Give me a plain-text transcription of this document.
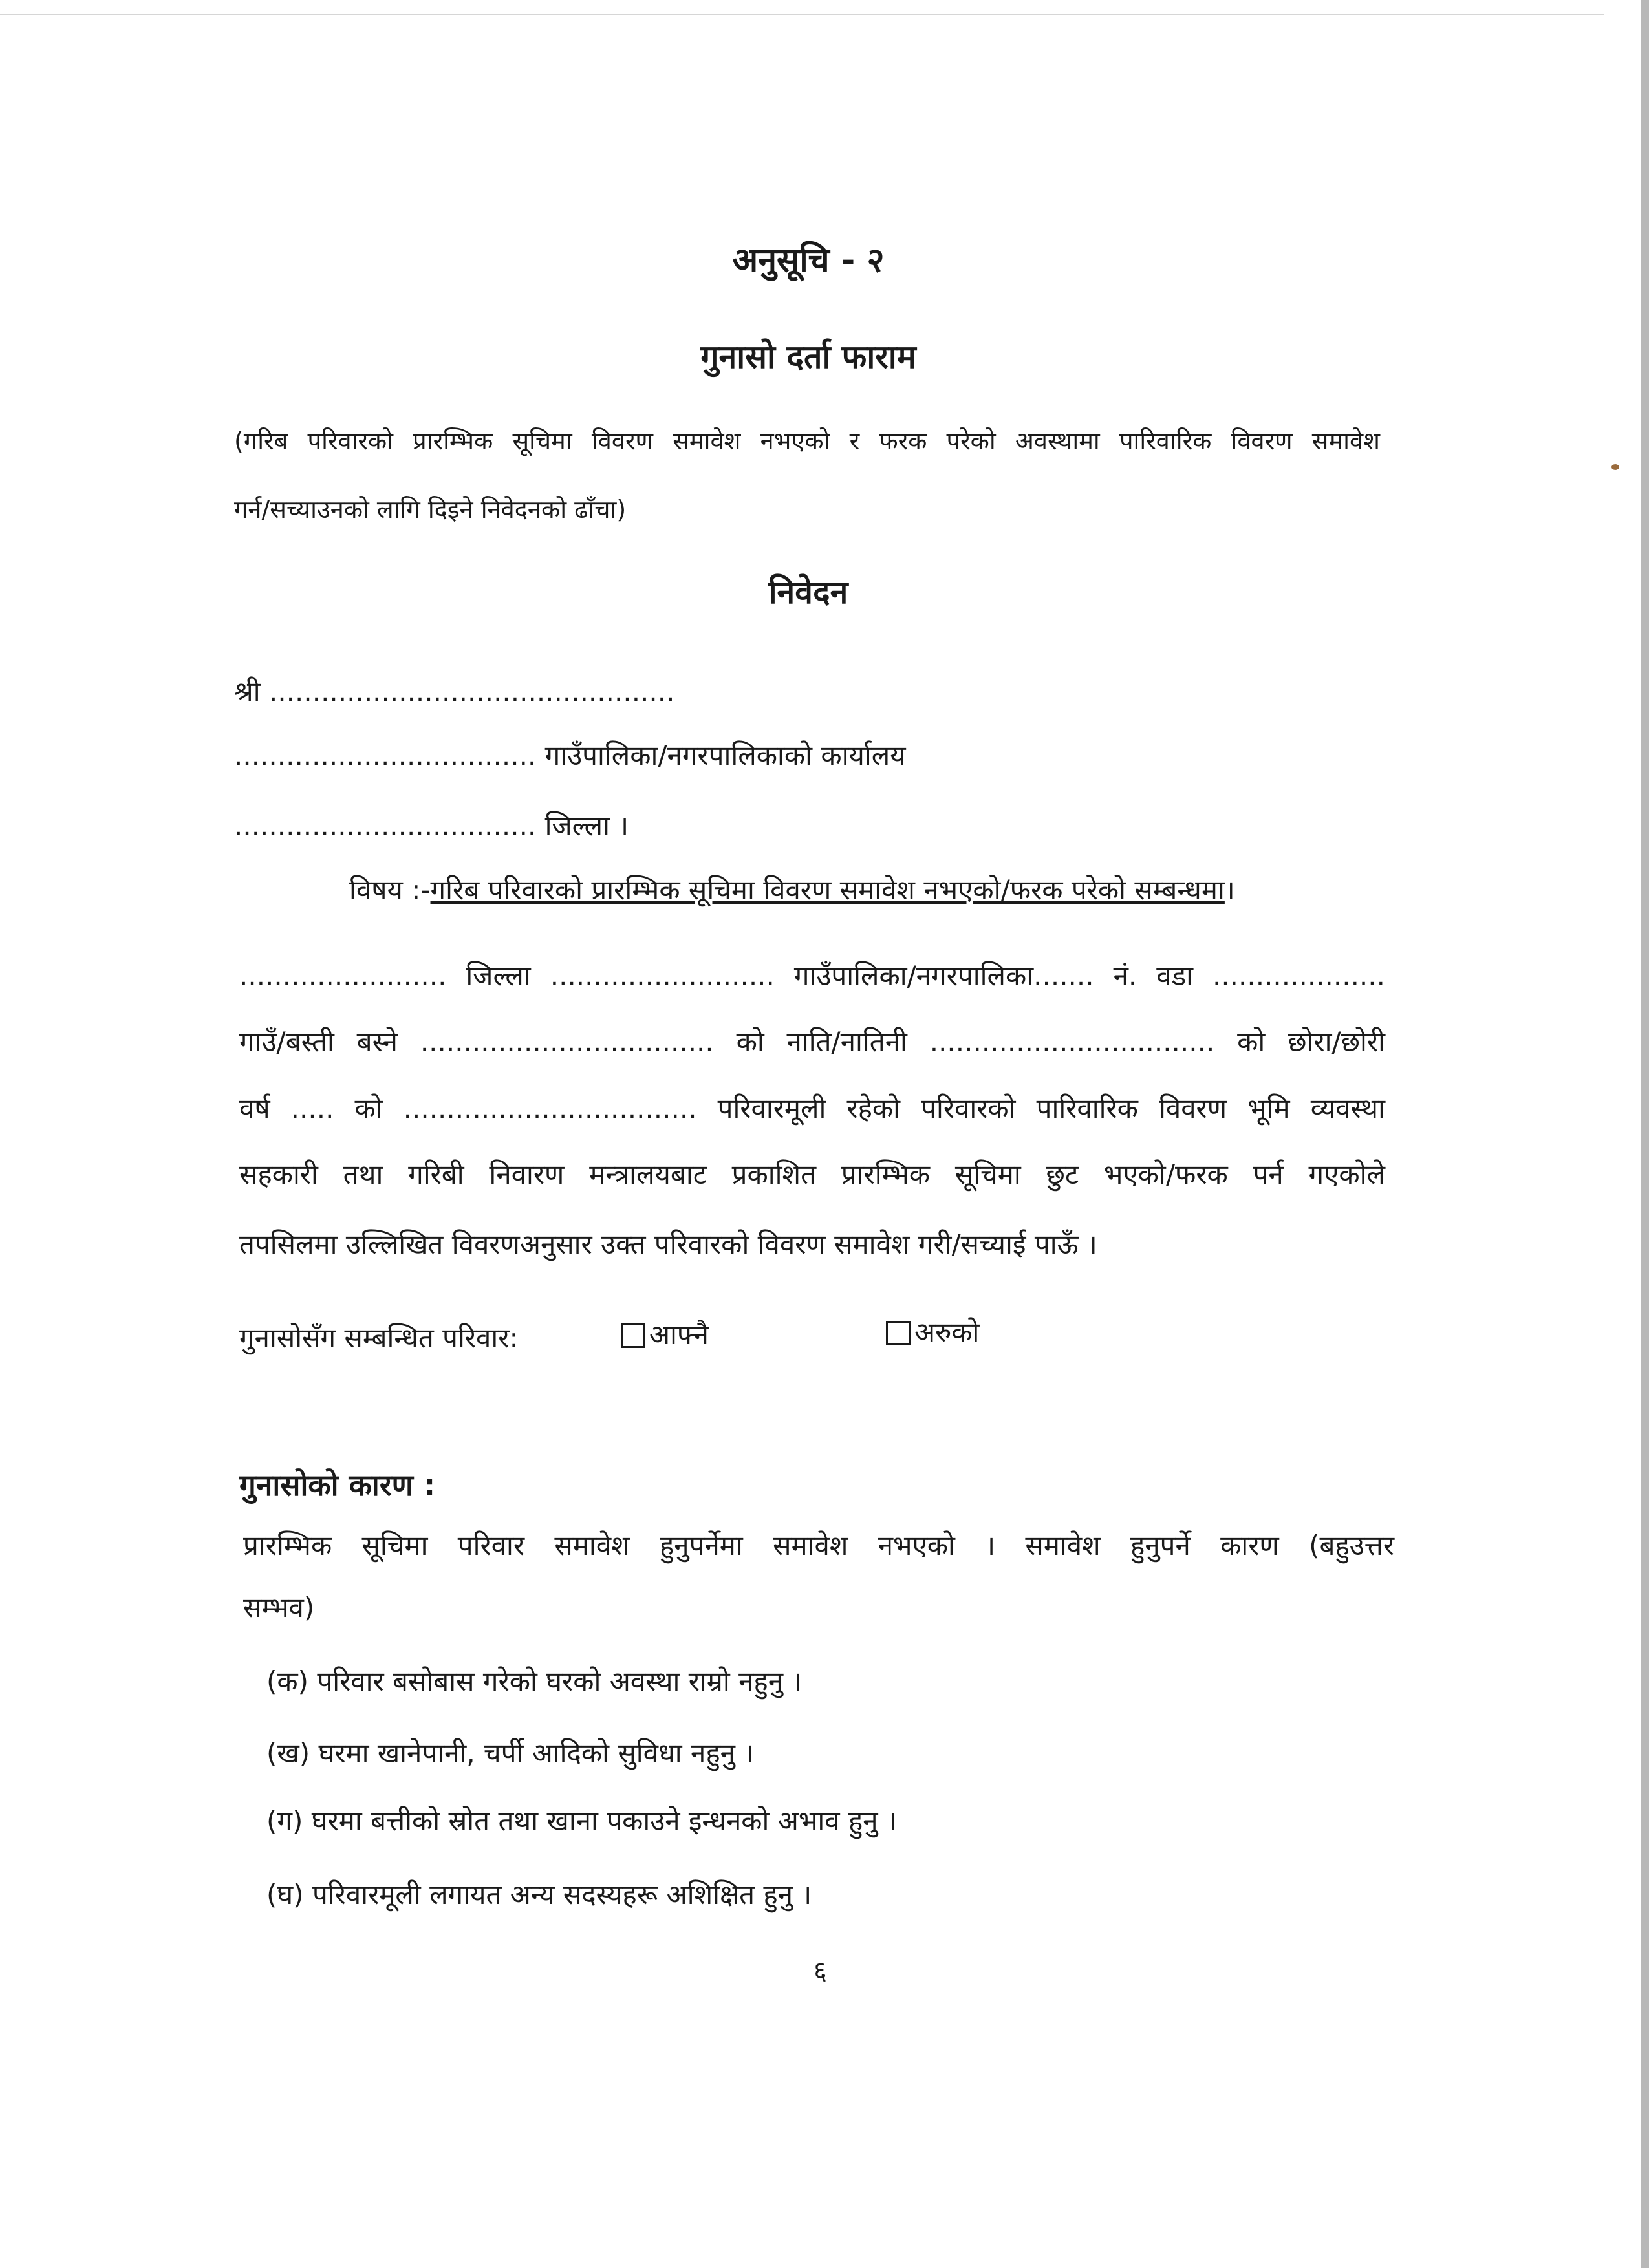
अनुसूचि - २
गुनासो दर्ता फाराम
(गरिब परिवारको प्रारम्भिक सूचिमा विवरण समावेश नभएको र फरक परेको अवस्थामा पारिवारिक विवरण समावेश
गर्न/सच्याउनको लागि दिइने निवेदनको ढाँचा)
निवेदन
श्री ...............................................
................................... गाउँपालिका/नगरपालिकाको कार्यालय
................................... जिल्ला ।
विषय :-गरिब परिवारको प्रारम्भिक सूचिमा विवरण समावेश नभएको/फरक परेको सम्बन्धमा।
........................ जिल्ला .......................... गाउँपालिका/नगरपालिका....... नं. वडा ....................
गाउँ/बस्ती बस्ने .................................. को नाति/नातिनी ................................. को छोरा/छोरी
वर्ष ..... को .................................. परिवारमूली रहेको परिवारको पारिवारिक विवरण भूमि व्यवस्था
सहकारी तथा गरिबी निवारण मन्त्रालयबाट प्रकाशित प्रारम्भिक सूचिमा छुट भएको/फरक पर्न गएकोले
तपसिलमा उल्लिखित विवरणअनुसार उक्त परिवारको विवरण समावेश गरी/सच्याई पाऊँ ।
गुनासोसँग सम्बन्धित परिवार:	आफ्नै	अरुको
गुनासोको कारण :
प्रारम्भिक सूचिमा परिवार समावेश हुनुपर्नेमा समावेश नभएको । समावेश हुनुपर्ने कारण (बहुउत्तर
सम्भव)
(क) परिवार बसोबास गरेको घरको अवस्था राम्रो नहुनु ।
(ख) घरमा खानेपानी, चर्पी आदिको सुविधा नहुनु ।
(ग) घरमा बत्तीको स्रोत तथा खाना पकाउने इन्धनको अभाव हुनु ।
(घ) परिवारमूली लगायत अन्य सदस्यहरू अशिक्षित हुनु ।
६
